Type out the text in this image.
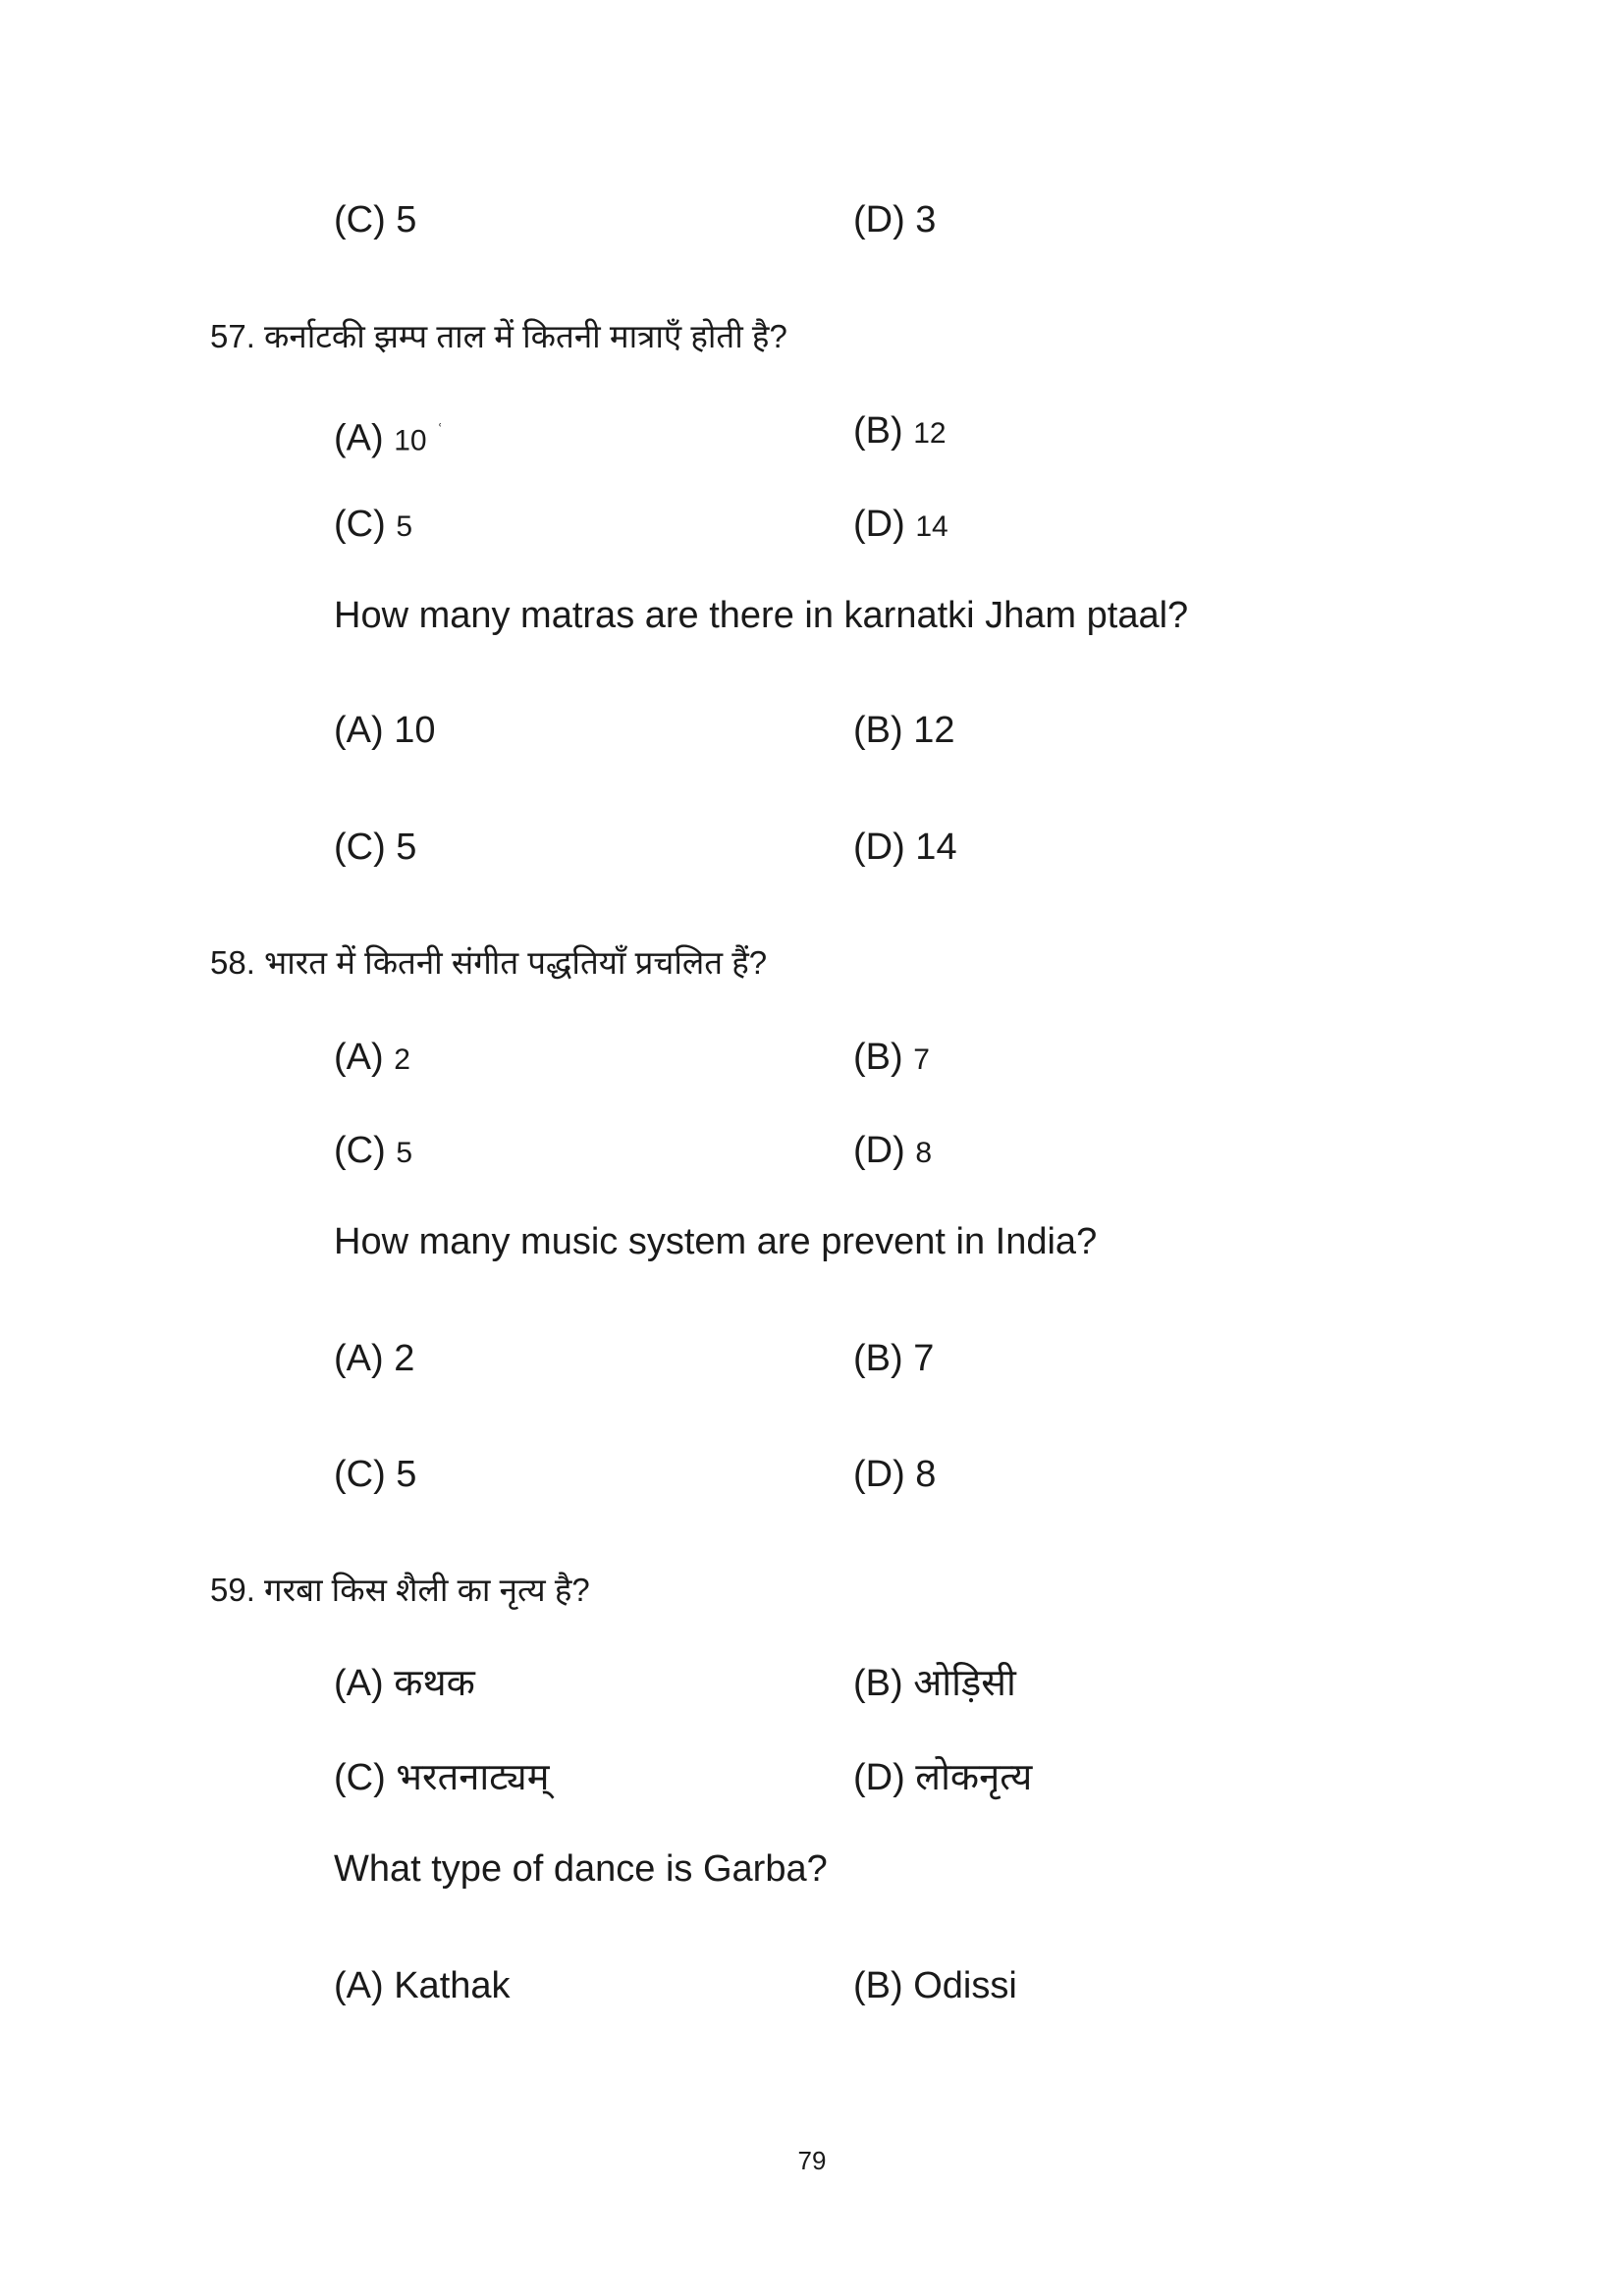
(C) 5	(D) 3
57. कर्नाटकी झम्प ताल में कितनी मात्राएँ होती है?
(A) 10 $^ʿ$	(B) 12
(C) 5	(D) 14
How many matras are there in karnatki Jham ptaal?
(A) 10	(B) 12
(C) 5	(D) 14
58. भारत में कितनी संगीत पद्धतियाँ प्रचलित हैं?
(A) 2	(B) 7
(C) 5	(D) 8
How many music system are prevent in India?
(A) 2	(B) 7
(C) 5	(D) 8
59. गरबा किस शैली का नृत्य है?
(A) कथक	(B) ओड़िसी
(C) भरतनाट्यम्	(D) लोकनृत्य
What type of dance is Garba?
(A) Kathak	(B) Odissi
79
